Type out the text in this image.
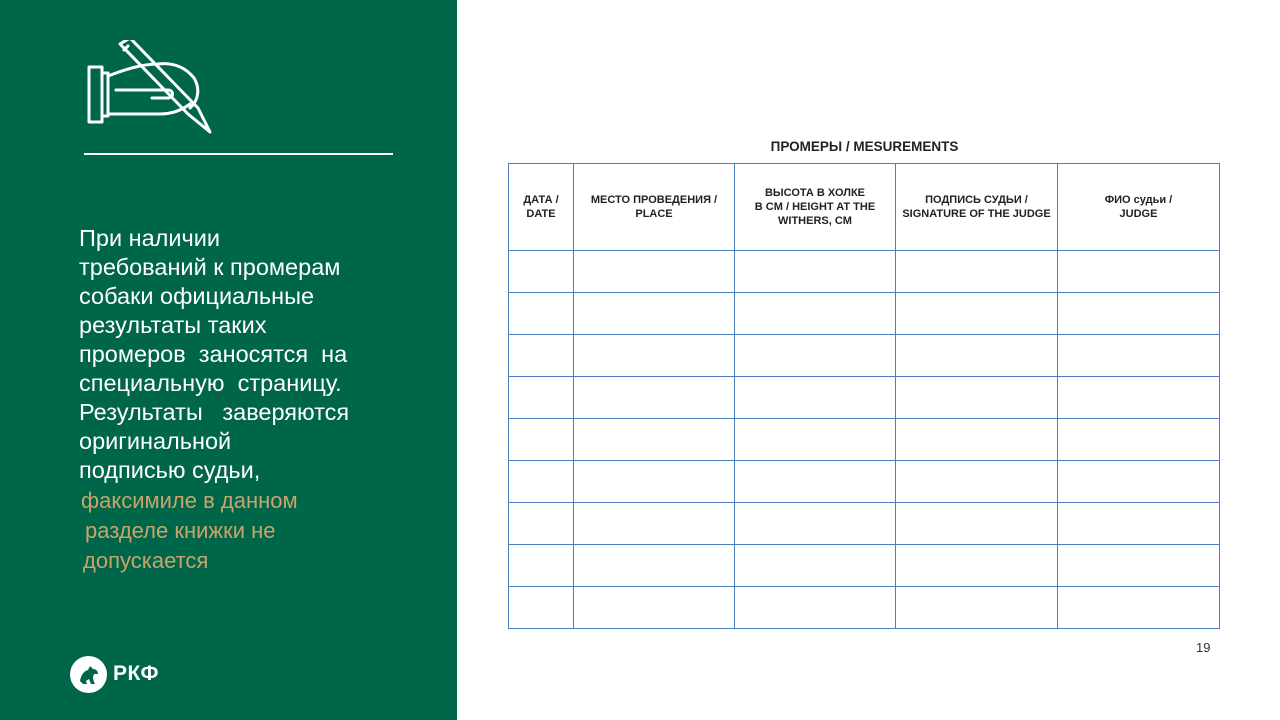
При наличии

требований к промерам

собаки официальные

результаты таких

промеров  заносятся  на

специальную  страницу.

Результаты   заверяются

оригинальной

подписью судьи,

факсимиле в данном
разделе книжки не
допускается
РКФ
ПРОМЕРЫ / MESUREMENTS
ДАТА /
DATE	МЕСТО ПРОВЕДЕНИЯ /
PLACE	ВЫСОТА В ХОЛКЕ
В CM / HEIGHT AT THE
WITHERS, CM	ПОДПИСЬ СУДЬИ /
SIGNATURE OF THE JUDGE	ФИО судьи /
JUDGE

19
